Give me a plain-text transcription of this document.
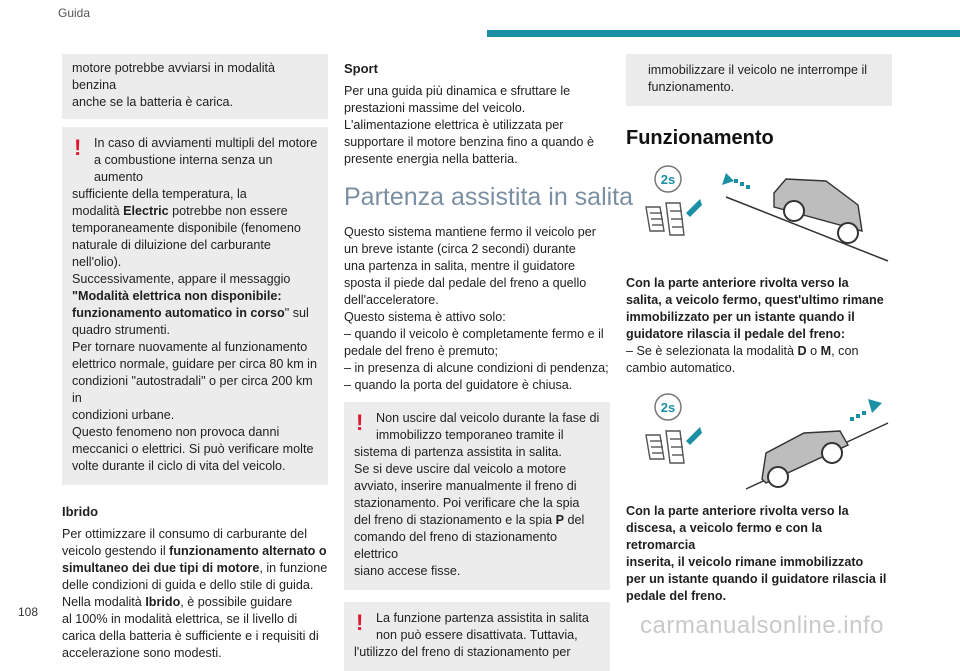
Guida

motore potrebbe avviarsi in modalità benzina

anche se la batteria è carica.

!	In caso di avviamenti multipli del motore

a combustione interna senza un aumento

sufficiente della temperatura, la

modalità Electric potrebbe non essere

temporaneamente disponibile (fenomeno

naturale di diluizione del carburante nell'olio).

Successivamente, appare il messaggio

"Modalità elettrica non disponibile:

funzionamento automatico in corso" sul

quadro strumenti.

Per tornare nuovamente al funzionamento

elettrico normale, guidare per circa 80 km in

condizioni "autostradali" o per circa 200 km in

condizioni urbane.

Questo fenomeno non provoca danni

meccanici o elettrici. Si può verificare molte

volte durante il ciclo di vita del veicolo.

Ibrido

Per ottimizzare il consumo di carburante del

veicolo gestendo il funzionamento alternato o

simultaneo dei due tipi di motore, in funzione

delle condizioni di guida e dello stile di guida.

Nella modalità Ibrido, è possibile guidare

al 100% in modalità elettrica, se il livello di

carica della batteria è sufficiente e i requisiti di

accelerazione sono modesti.

Sport

Per una guida più dinamica e sfruttare le

prestazioni massime del veicolo.

L'alimentazione elettrica è utilizzata per

supportare il motore benzina fino a quando è

presente energia nella batteria.

Partenza assistita in salita

Questo sistema mantiene fermo il veicolo per

un breve istante (circa 2 secondi) durante

una partenza in salita, mentre il guidatore

sposta il piede dal pedale del freno a quello

dell'acceleratore.

Questo sistema è attivo solo:

– quando il veicolo è completamente fermo e il

pedale del freno è premuto;

– in presenza di alcune condizioni di pendenza;

– quando la porta del guidatore è chiusa.

!	Non uscire dal veicolo durante la fase di

immobilizzo temporaneo tramite il

sistema di partenza assistita in salita.

Se si deve uscire dal veicolo a motore

avviato, inserire manualmente il freno di

stazionamento. Poi verificare che la spia

del freno di stazionamento e la spia P del

comando del freno di stazionamento elettrico

siano accese fisse.

!	La funzione partenza assistita in salita

non può essere disattivata. Tuttavia,

l'utilizzo del freno di stazionamento per

immobilizzare il veicolo ne interrompe il

funzionamento.

Funzionamento
2s

Con la parte anteriore rivolta verso la

salita, a veicolo fermo, quest'ultimo rimane

immobilizzato per un istante quando il

guidatore rilascia il pedale del freno:

– Se è selezionata la modalità D o M, con

cambio automatico.

2s

Con la parte anteriore rivolta verso la

discesa, a veicolo fermo e con la retromarcia

inserita, il veicolo rimane immobilizzato

per un istante quando il guidatore rilascia il

pedale del freno.

108	carmanualsonline.info
